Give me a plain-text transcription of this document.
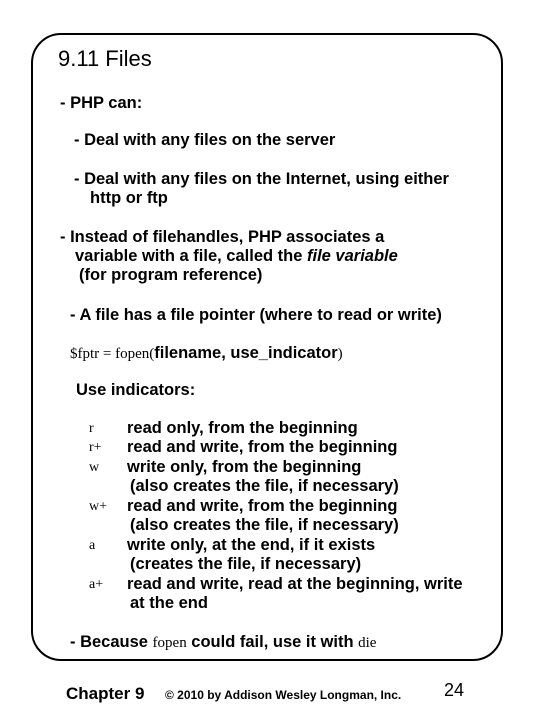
9.11 Files
- PHP can:
- Deal with any files on the server
- Deal with any files on the Internet, using either
http or ftp
- Instead of filehandles, PHP associates a
variable with a file, called the file variable
(for program reference)
- A file has a file pointer (where to read or write)
$fptr = fopen(filename, use_indicator)
Use indicators:
r read only, from the beginning
r+ read and write, from the beginning
w write only, from the beginning
(also creates the file, if necessary)
w+ read and write, from the beginning
(also creates the file, if necessary)
a write only, at the end, if it exists
(creates the file, if necessary)
a+ read and write, read at the beginning, write
at the end
- Because fopen could fail, use it with die
Chapter 9 © 2010 by Addison Wesley Longman, Inc. 24
